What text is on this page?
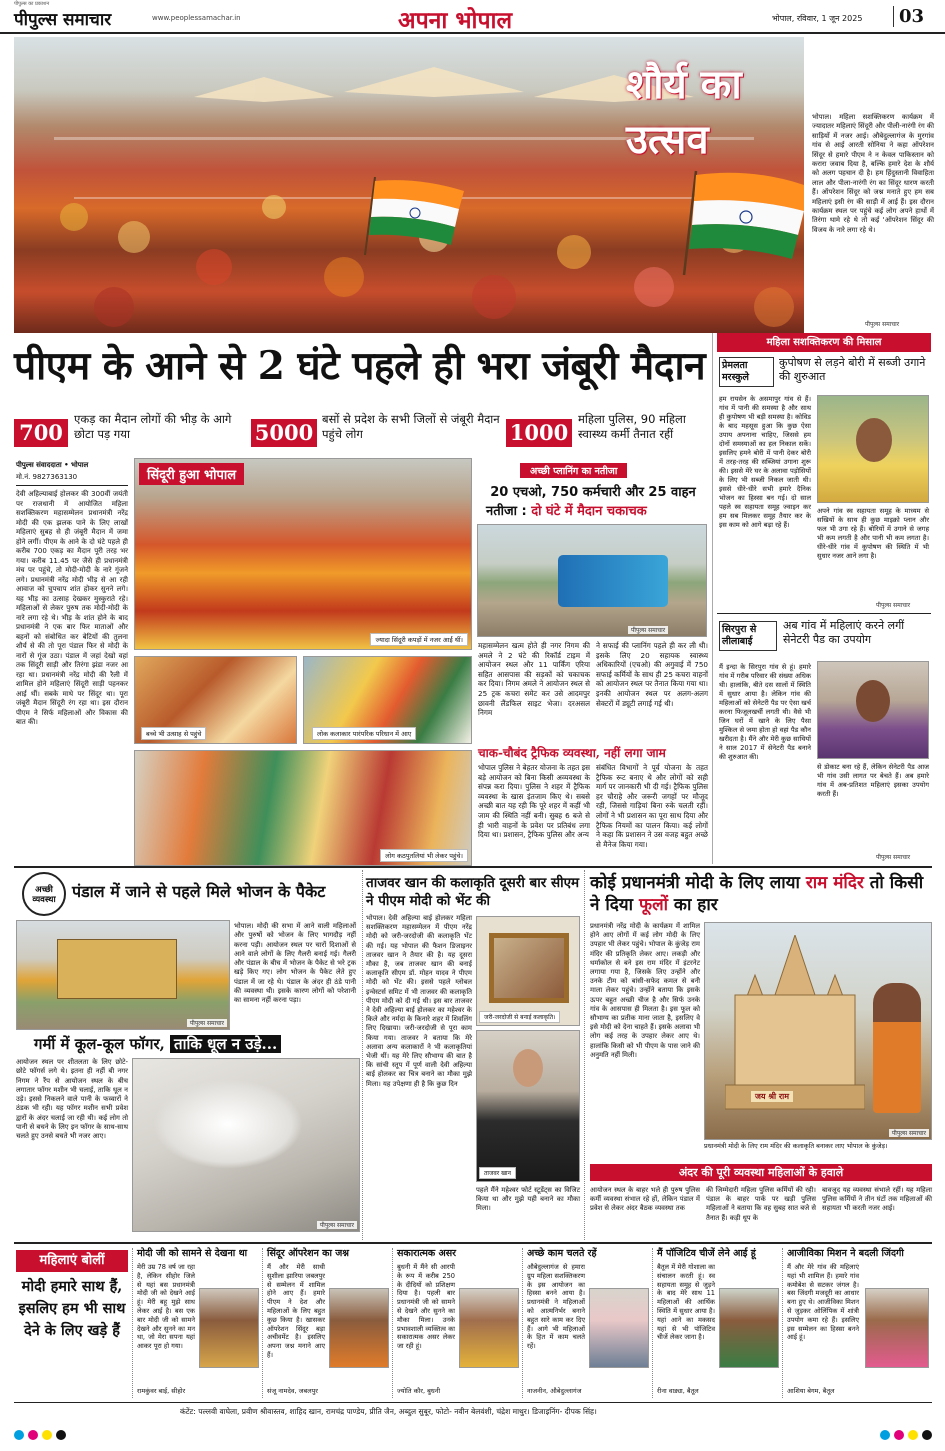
पीपुल्स का प्रकाशन
पीपुल्स समाचार	www.peoplessamachar.in	अपना भोपाल	भोपाल, रविवार, 1 जून 2025	03
शौर्य का उत्सव	भोपाल। महिला सशक्तिकरण कार्यक्रम में ज्यादातर महिलाएं सिंदूरी और पीली-नारंगी रंग की साड़ियों में नजर आई। औबेदुल्लागंज के मुरगांव गांव से आई आरती सोनिया ने कहा ऑपरेशन सिंदूर से हमारे पीएम ने न केवल पाकिस्तान को करारा जवाब दिया है, बल्कि हमारे देश के शौर्य को अलग पहचान दी है। हम हिंदुस्तानी विवाहिता लाल और पीला-नारंगी रंग का सिंदूर धारण करती हैं। ऑपरेशन सिंदूर को जश्न मनाते हुए हम सब महिलाएं इसी रंग की साड़ी में आई हैं। इस दौरान कार्यक्रम स्थल पर पहुंचे कई लोग अपने हाथों में तिरंगा थामे रहे थे तो कई 'ऑपरेशन सिंदूर की विजय के नारे लगा रहे थे।
पीपुल्स समाचार
पीएम के आने से 2 घंटे पहले ही भरा जंबूरी मैदान
700
एकड़ का मैदान लोगों की भीड़ के आगे छोटा पड़ गया	5000
बसों से प्रदेश के सभी जिलों से जंबूरी मैदान पहुंचे लोग	1000
महिला पुलिस, 90 महिला स्वास्थ्य कर्मी तैनात रहीं
पीपुल्स संवाददाता • भोपाल
मो.नं. 9827363130
देवी अहिल्याबाई होलकर की 300वीं जयंती पर राजधानी में आयोजित महिला सशक्तिकरण महासम्मेलन प्रधानमंत्री नरेंद्र मोदी की एक झलक पाने के लिए लाखों महिलाएं सुबह से ही जंबूरी मैदान में जमा होने लगीं। पीएम के आने के दो घंटे पहले ही करीब 700 एकड़ का मैदान पूरी तरह भर गया। करीब 11.45 पर जैसे ही प्रधानमंत्री मंच पर पहुंचे, तो मोदी-मोदी के नारे गूंजने लगे। प्रधानमंत्री नरेंद्र मोदी भीड़ से आ रही आवाज को चुपचाप शांत होकर सुनने लगे। यह भीड़ का उत्साह देखकर मुस्कुराते रहे। महिलाओं से लेकर पुरुष तक मोदी-मोदी के नारे लगा रहे थे। भीड़ के शांत होने के बाद प्रधानमंत्री ने एक बार फिर माताओं और बहनों को संबोधित कर बेटियों की तुलना शौर्य से की तो पूरा पंडाल फिर से मोदी के नारों से गूंज उठा। पंडाल में जहां देखो वहां तक सिंदूरी साड़ी और तिरंगा झंडा नजर आ रहा था। प्रधानमंत्री नरेंद्र मोदी की रैली में शामिल होने महिलाएं सिंदूरी साड़ी पहनकर आई थीं। सबके माथे पर सिंदूर था। पूरा जंबूरी मैदान सिंदूरी रंग रहा था। इस दौरान पीएम ने सिर्फ महिलाओं और विकास की बात की।
सिंदूरी हुआ भोपाल
ज्यादा सिंदूरी कपड़ों में नजर आईं थीं।
बच्चे भी उत्साह से पहुंचे	लोक कलाकार पारंपरिक परिधान में आए
लोग कठपुतलियां भी लेकर पहुंचे।
अच्छी प्लानिंग का नतीजा
20 एचओ, 750 कर्मचारी और 25 वाहन
नतीजा : दो घंटे में मैदान चकाचक
पीपुल्स समाचार
महासम्मेलन खत्म होते ही नगर निगम की अमले ने 2 घंटे की रिकॉर्ड टाइम में आयोजन स्थल और 11 पार्किंग एरिया सहित आसपास की सड़कों को चकाचक कर दिया। निगम अमले ने आयोजन स्थल से 25 ट्रक कचरा समेट कर उसे आदमपुर छावनी लैंडफिल साइट भेजा। दरअसल निगम
ने सफाई की प्लानिंग पहले ही कर ली थी। इसके लिए 20 सहायक स्वास्थ्य अधिकारियों (एचओ) की अगुवाई में 750 सफाई कर्मियों के साथ ही 25 कचरा वाहनों को आयोजन स्थल पर तैनात किया गया था। इनकी आयोजन स्थल पर अलग-अलग सेक्टरों में ड्यूटी लगाई गई थी।
चाक-चौबंद ट्रैफिक व्यवस्था, नहीं लगा जाम
भोपाल पुलिस ने बेहतर योजना के तहत इस बड़े आयोजन को बिना किसी अव्यवस्था के संपन्न करा दिया। पुलिस ने शहर में ट्रैफिक व्यवस्था के खास इंतजाम किए थे। सबसे अच्छी बात यह रही कि पूरे शहर में कहीं भी जाम की स्थिति नहीं बनी। सुबह 6 बजे से ही भारी वाहनों के प्रवेश पर प्रतिबंध लगा दिया था। प्रशासन, ट्रैफिक पुलिस और अन्य
संबंधित विभागों ने पूर्व योजना के तहत ट्रैफिक रूट बनाए थे और लोगों को सही मार्ग पर जानकारी भी दी गई। ट्रैफिक पुलिस हर चौराहे और जरूरी जगहों पर मौजूद रही, जिससे गाड़ियां बिना रुके चलती रहीं। लोगों ने भी प्रशासन का पूरा साथ दिया और ट्रैफिक नियमों का पालन किया। कई लोगों ने कहा कि प्रशासन ने उस वजह बहुत अच्छे से मैनेज किया गया।
महिला सशक्तिकरण की मिसाल
प्रेमलता मरस्कुले
कुपोषण से लड़ने बोरी में सब्जी उगाने की शुरुआत
हम रायसेन के असमापुर गांव से हैं। गांव में पानी की समस्या है और साथ ही कुपोषण भी बड़ी समस्या है। कोविड के बाद महसूस हुआ कि कुछ ऐसा उपाय अपनाना चाहिए, जिससे हम दोनों समस्याओं का हल निकाल सकें। इसलिए हमने बोरी में पानी देकर बोरी में तरह-तरह की सब्जियां उगाना शुरू की। इससे मेरे घर के अलावा पड़ोसियों के लिए भी सब्जी निकल जाती थी। इससे धीरे-धीरे सभी हमारे दैनिक भोजन का हिस्सा बन गई। दो साल पहले स्व सहायता समूह ज्वाइन कर हम सब मिलकर समूह तैयार कर के इस काम को आगे बढ़ा रहे हैं।
अपने गांव स्व सहायता समूह के माध्यम से सखियों के साथ ही कुछ माइक्रो प्लान और फल भी उगा रहे हैं। बोरियों में उगाने से जगह भी कम लगती है और पानी भी कम लगता है। धीरे-धीरे गांव में कुपोषण की स्थिति में भी सुधार नजर आने लगा है।
पीपुल्स समाचार
सिरपुरा से लीलाबाई
अब गांव में महिलाएं करने लगीं सेनेटरी पैड का उपयोग
मैं इन्दा के सिरपुरा गांव से हूं। हमारे गांव में गरीब परिवार की संख्या अधिक थी। हालांकि, बीते दस सालों में स्थिति में सुधार आया है। लेकिन गांव की महिलाओं को सेनेटरी पैड पर ऐसा खर्च करना फिजूलखर्ची लगती थी। वैसे भी जिन घरों में खाने के लिए पैसा मुश्किल से जमा होता हो वहां पैड कौन खरीदता है। मैंने और मेरी कुछ साथियों ने साल 2017 में सेनेटरी पैड बनाने की शुरुआत की।
से डोकाट बना रहे हैं, लेकिन सेनेटरी पैड आज भी गांव उसी लागत पर बेचते हैं। अब हमारे गांव में अब-प्रतिशत महिलाएं इसका उपयोग करती हैं।
पीपुल्स समाचार
अच्छी व्यवस्था	पंडाल में जाने से पहले मिले भोजन के पैकेट
पीपुल्स समाचार
भोपाल। मोदी की सभा में आने वाली महिलाओं और पुरुषों को भोजन के लिए भागदौड़ नहीं करना पड़ी। आयोजन स्थल पर चारों दिशाओं से आने वाले लोगों के लिए गैलरी बनाई गई। गैलरी और पंडाल के बीच में भोजन के पैकेट से भरे ट्रक खड़े किए गए। लोग भोजन के पैकेट लेते हुए पंडाल में जा रहे थे। पंडाल के अंदर ही ठंडे पानी की व्यवस्था थी। इसके कारण लोगों को परेशानी का सामना नहीं करना पड़ा।
गर्मी में कूल-कूल फॉगर, ताकि धूल न उड़े...
आयोजन स्थल पर शीतलता के लिए छोटे-छोटे फॉगर्स लगे थे। इतना ही नहीं बी नगर निगम ने रैंप से आयोजन स्थल के बीच लगातार फॉगर मशीन भी चलाई, ताकि धूल न उड़े। इससे निकलने वाले पानी के फव्वारों ने ठंडक भी रही। यह फॉगर मशीन सभी प्रवेश द्वारों के अंदर चलाई जा रही थी। कई लोग तो पानी से बचने के लिए इन फॉगर के साथ-साथ चलते हुए उनसे बचते भी नजर आए।
पीपुल्स समाचार
ताजवर खान की कलाकृति दूसरी बार सीएम ने पीएम मोदी को भेंट की
भोपाल। देवी अहिल्या बाई होलकर महिला सशक्तिकरण महासम्मेलन में पीएम नरेंद्र मोदी को जरी-जरदोजी की कलाकृति भेंट की गई। यह भोपाल की फैशन डिजाइनर ताजवर खान ने तैयार की है। यह दूसरा मौका है, जब ताजवर खान की बनाई कलाकृति सीएम डॉ. मोहन यादव ने पीएम मोदी को भेंट की। इससे पहले ग्लोबल इन्वेस्टर्स समिट में भी ताजवर की कलाकृति पीएम मोदी को दी गई थी। इस बार ताजवर ने देवी अहिल्या बाई होलकर का महेश्वर के किले और नर्मदा के किनारे शहर में शिवलिंग लिए दिखाया। जरी-जरदोजी से पूरा काम किया गया। ताजवर ने बताया कि मेरे अलावा अन्य कलाकारों ने भी कलाकृतियां भेजी थीं। यह मेरे लिए सौभाग्य की बात है कि सांची स्तूप में पूर्ण वाली देवी अहिल्या बाई होलकर का चित्र बनाने का मौका मुझे मिला। यह उपेक्षणा ही है कि कुछ दिन
जरी-जरदोजी से बनाई कलाकृति।
ताजवर खान
पहले मैंने महेश्वर फोर्ट स्टूडेंट्स का विजिट किया था और मुझे यही बनाने का मौका मिला।
कोई प्रधानमंत्री मोदी के लिए लाया राम मंदिर तो किसी ने दिया फूलों का हार
प्रधानमंत्री नरेंद्र मोदी के कार्यक्रम में शामिल होने आए लोगों में कई लोग मोदी के लिए उपहार भी लेकर पहुंचे। भोपाल के कुंजेड़ राम मंदिर की प्रतिकृति लेकर आए। लकड़ी और थर्माकोल से बने इस राम मंदिर में इंटरनेट लगाया गया है, जिसके लिए उन्होंने और उनके टीम को बांसी-सफेद कमल से बनी माला लेकर पहुंचे। उन्होंने बताया कि इसके ऊपर बहुत अच्छी चीज है और सिर्फ उनके गांव के आसपास ही मिलता है। इस फूल को सौभाग्य का प्रतीक माना जाता है, इसलिए वे इसे मोदी को देना चाहते हैं। इसके अलावा भी लोग कई तरह के उपहार लेकर आए थे। हालांकि किसी को भी पीएम के पास जाने की अनुमति नहीं मिली।
जय श्री राम
पीपुल्स समाचार
प्रधानमंत्री मोदी के लिए राम मंदिर की कलाकृति बनाकर लाए भोपाल के कुंजेड़।
अंदर की पूरी व्यवस्था महिलाओं के हवाले
आयोजन स्थल के बाहर भले ही पुरुष पुलिस कर्मी व्यवस्था संभाल रहे हों, लेकिन पंडाल में प्रवेश से लेकर अंदर बैठक व्यवस्था तक
की जिम्मेदारी महिला पुलिस कर्मियों की रही। पंडाल के बाहर पार्क पर खड़ी पुलिस महिलाओं ने बताया कि वह सुबह सात बजे से तैनात हैं। कड़ी धूप के
बावजूद यह व्यवस्था संभाले रहीं। यह महिला पुलिस कर्मियों ने तीन घंटों तक महिलाओं की सहायता भी करती नजर आई।
महिलाएं बोलीं
मोदी हमारे साथ हैं, इसलिए हम भी साथ देने के लिए खड़े हैं
मोदी जी को सामने से देखना था
मेरी उम्र 78 वर्ष जा रहा है, लेकिन सीहोर जिले से यहां बस प्रधानमंत्री मोदी जी को देखने आई हूं। मेरी बहू मुझे साथ लेकर आई है। बस एक बार मोदी जी को सामने देखने और सुनने का मन था, जो मेरा सपना यहां आकर पूरा हो गया।
रामकुंवर बाई, सीहोर
सिंदूर ऑपरेशन का जश्न
मैं और मेरी साथी सुशीला झारिया जबलपुर से सम्मेलन में शामिल होने आए हैं। हमारे पीएम ने देश और महिलाओं के लिए बहुत कुछ किया है। खासकर ऑपरेशन सिंदूर बड़ा अचीवमेंट है। इसलिए अपना जश्न मनाने आए हैं।
संजू नामदेव, जबलपुर
सकारात्मक असर
बुधनी में मैंने सी आरपी के रूप में करीब 250 के दीदियों को प्रशिक्षण दिया है। पहली बार प्रधानमंत्री जी को सामने से देखने और सुनने का मौका मिला। उनके प्रभावशाली व्यक्तित्व का सकारात्मक असर लेकर जा रही हूं।
ज्योति कौर, बुधनी
अच्छे काम चलते रहें
औबेदुल्लागंज से हमारा ग्रुप महिला सशक्तिकरण के इस आयोजन का हिस्सा बनने आया है। प्रधानमंत्री ने महिलाओं को आत्मनिर्भर बनाने बहुत सारे काम कर दिए हैं। आगे भी महिलाओं के हित में काम चलते रहें।
नाजनीन, औबेदुल्लागंज
मैं पॉजिटिव चीजें लेने आई हूं
बैतूल में मेरी गोशाला का संचालन करती हूं। स्व सहायता समूह से जुड़ने के बाद मेरे साथ 11 महिलाओं की आर्थिक स्थिति में सुधार आया है। यहां आने का मकसद यहां से भी पॉजिटिव चीजें लेकर जाना है।
रीना वाड्या, बैतूल
आजीविका मिशन ने बदली जिंदगी
मैं और मेरे गांव की महिलाएं यहां भी शामिल हैं। हमारे गांव कमोबेश से सटकर जंगल है। बस जिंदगी मजदूरी का आधार बना हुए थे। आजीविका मिशन से जुड़कर ओलिंपिक में शांत्री उपयोग कमा रहे हैं। इसलिए इस सम्मेलन का हिस्सा बनने आई हूं।
आशिया बेगम, बैतूल
कंटेंट: पल्लवी वाघेला, प्रवीण श्रीवास्तव, शाहिद खान, रामचंद्र पाण्डेय, प्रीति जैन, अब्दुल सुबूर, फोटो- नवीन बेलवंशी, चंद्रेश माथुर। डिजाइनिंग- दीपक सिंह।
